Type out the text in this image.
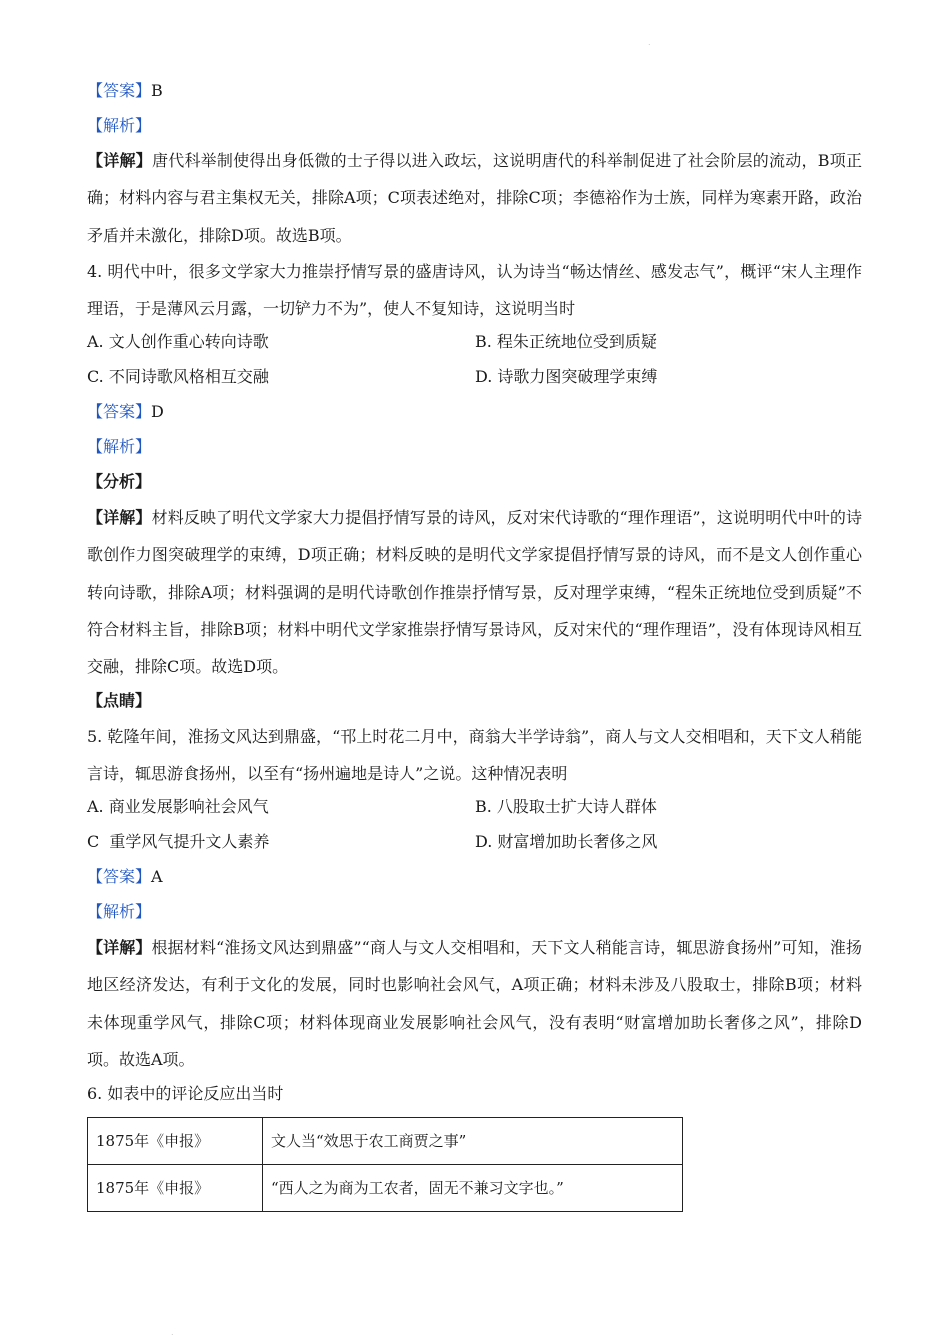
.
【答案】B
【解析】
【详解】唐代科举制使得出身低微的士子得以进入政坛，这说明唐代的科举制促进了社会阶层的流动，B项正确；材料内容与君主集权无关，排除A项；C项表述绝对，排除C项；李德裕作为士族，同样为寒素开路，政治矛盾并未激化，排除D项。故选B项。
4. 明代中叶，很多文学家大力推崇抒情写景的盛唐诗风，认为诗当“畅达情丝、感发志气”，概评“宋人主理作理语，于是薄风云月露，一切铲力不为”，使人不复知诗，这说明当时
A. 文人创作重心转向诗歌	B. 程朱正统地位受到质疑
C. 不同诗歌风格相互交融	D. 诗歌力图突破理学束缚
【答案】D
【解析】
【分析】
【详解】材料反映了明代文学家大力提倡抒情写景的诗风，反对宋代诗歌的“理作理语”，这说明明代中叶的诗歌创作力图突破理学的束缚，D项正确；材料反映的是明代文学家提倡抒情写景的诗风，而不是文人创作重心转向诗歌，排除A项；材料强调的是明代诗歌创作推崇抒情写景，反对理学束缚，“程朱正统地位受到质疑”不符合材料主旨，排除B项；材料中明代文学家推崇抒情写景诗风，反对宋代的“理作理语”，没有体现诗风相互交融，排除C项。故选D项。
【点睛】
5. 乾隆年间，淮扬文风达到鼎盛，“邗上时花二月中，商翁大半学诗翁”，商人与文人交相唱和，天下文人稍能言诗，辄思游食扬州，以至有“扬州遍地是诗人”之说。这种情况表明
A. 商业发展影响社会风气	B. 八股取士扩大诗人群体
C  重学风气提升文人素养	D. 财富增加助长奢侈之风
【答案】A
【解析】
【详解】根据材料“淮扬文风达到鼎盛”“商人与文人交相唱和，天下文人稍能言诗，辄思游食扬州”可知，淮扬地区经济发达，有利于文化的发展，同时也影响社会风气，A项正确；材料未涉及八股取士，排除B项；材料未体现重学风气，排除C项；材料体现商业发展影响社会风气，没有表明“财富增加助长奢侈之风”，排除D项。故选A项。
6. 如表中的评论反应出当时
1875年《申报》	文人当“效思于农工商贾之事”
1875年《申报》	“西人之为商为工农者，固无不兼习文字也。”
.
